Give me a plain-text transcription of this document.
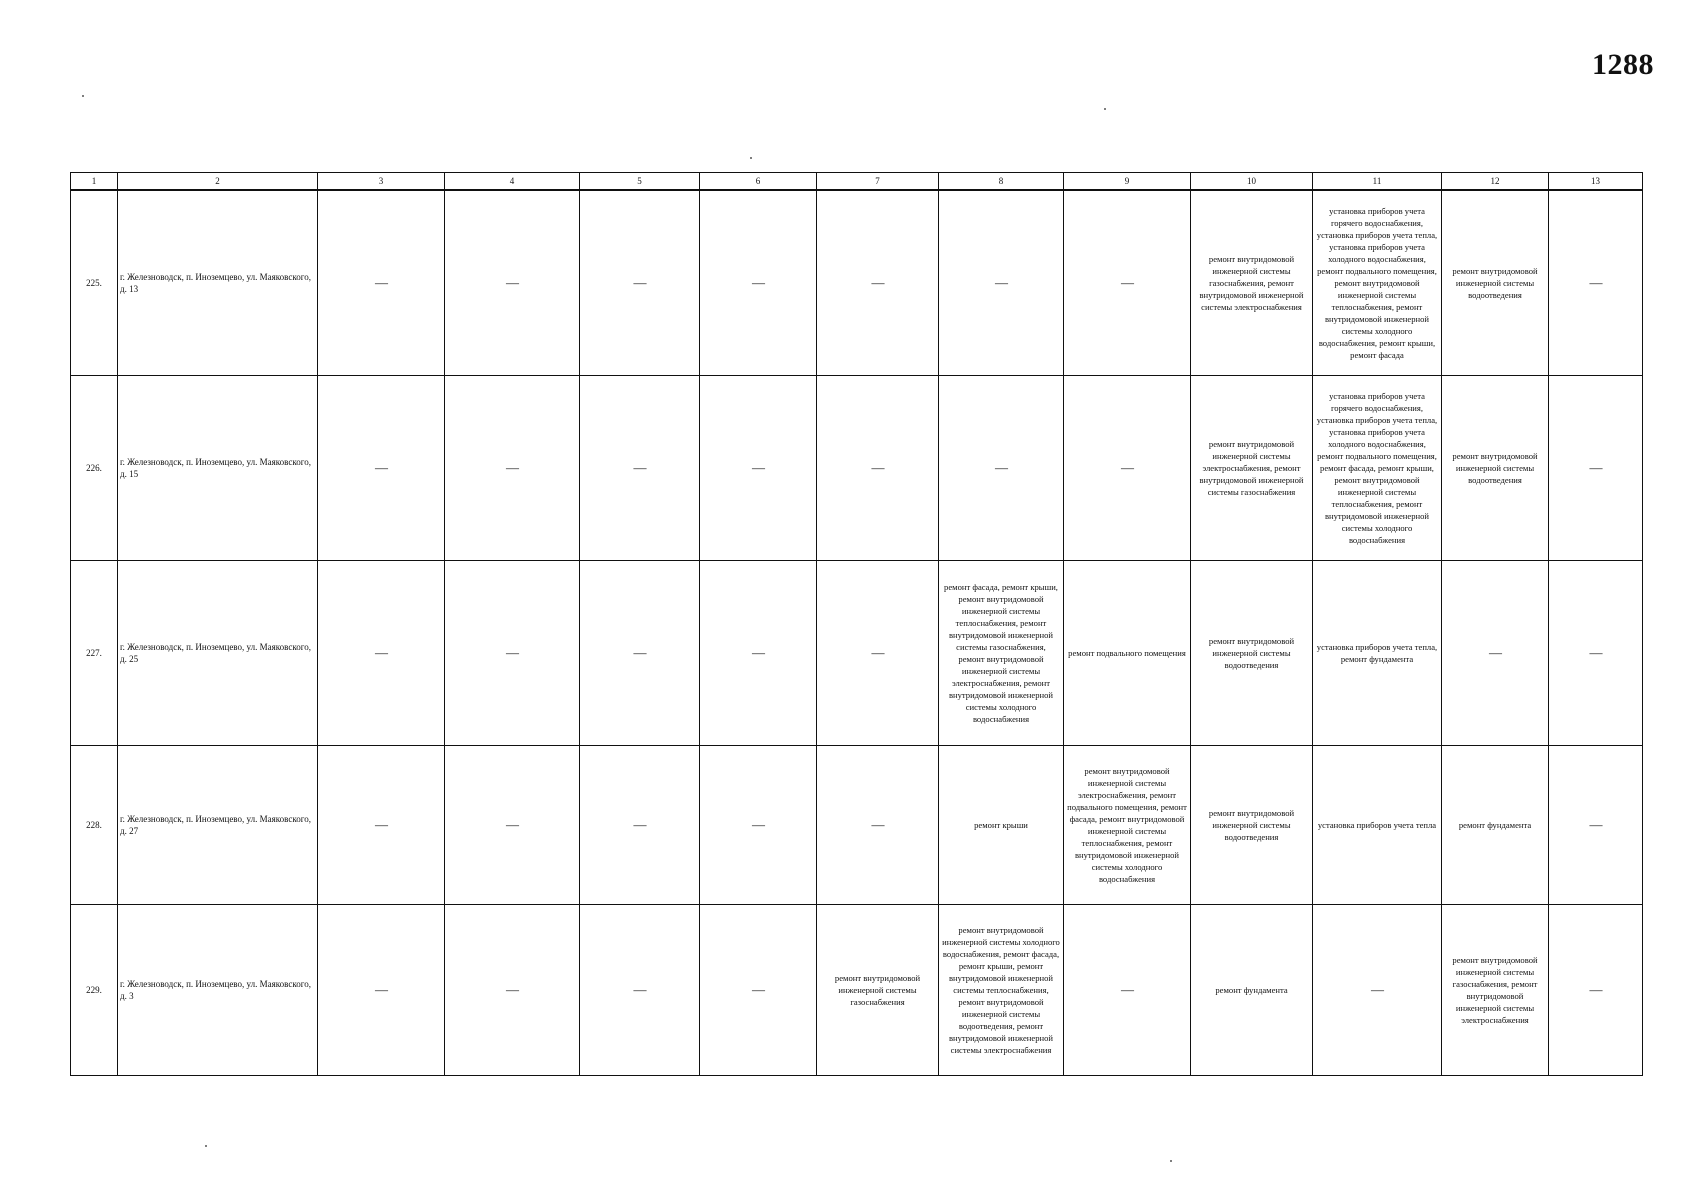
1288
1	2	3	4	5	6	7	8	9	10	11	12	13
225.	г. Железноводск, п. Иноземцево, ул. Маяковского, д. 13	—	—	—	—	—	—	—	ремонт внутридомовой инженерной системы газоснабжения, ремонт внутридомовой инженерной системы электроснабжения	установка приборов учета горячего водоснабжения, установка приборов учета тепла, установка приборов учета холодного водоснабжения, ремонт подвального помещения, ремонт внутридомовой инженерной системы теплоснабжения, ремонт внутридомовой инженерной системы холодного водоснабжения, ремонт крыши, ремонт фасада	ремонт внутридомовой инженерной системы водоотведения	—
226.	г. Железноводск, п. Иноземцево, ул. Маяковского, д. 15	—	—	—	—	—	—	—	ремонт внутридомовой инженерной системы электроснабжения, ремонт внутридомовой инженерной системы газоснабжения	установка приборов учета горячего водоснабжения, установка приборов учета тепла, установка приборов учета холодного водоснабжения, ремонт подвального помещения, ремонт фасада, ремонт крыши, ремонт внутридомовой инженерной системы теплоснабжения, ремонт внутридомовой инженерной системы холодного водоснабжения	ремонт внутридомовой инженерной системы водоотведения	—
227.	г. Железноводск, п. Иноземцево, ул. Маяковского, д. 25	—	—	—	—	—	ремонт фасада, ремонт крыши, ремонт внутридомовой инженерной системы теплоснабжения, ремонт внутридомовой инженерной системы газоснабжения, ремонт внутридомовой инженерной системы электроснабжения, ремонт внутридомовой инженерной системы холодного водоснабжения	ремонт подвального помещения	ремонт внутридомовой инженерной системы водоотведения	установка приборов учета тепла, ремонт фундамента	—	—
228.	г. Железноводск, п. Иноземцево, ул. Маяковского, д. 27	—	—	—	—	—	ремонт крыши	ремонт внутридомовой инженерной системы электроснабжения, ремонт подвального помещения, ремонт фасада, ремонт внутридомовой инженерной системы теплоснабжения, ремонт внутридомовой инженерной системы холодного водоснабжения	ремонт внутридомовой инженерной системы водоотведения	установка приборов учета тепла	ремонт фундамента	—
229.	г. Железноводск, п. Иноземцево, ул. Маяковского, д. 3	—	—	—	—	ремонт внутридомовой инженерной системы газоснабжения	ремонт внутридомовой инженерной системы холодного водоснабжения, ремонт фасада, ремонт крыши, ремонт внутридомовой инженерной системы теплоснабжения, ремонт внутридомовой инженерной системы водоотведения, ремонт внутридомовой инженерной системы электроснабжения	—	ремонт фундамента	—	ремонт внутридомовой инженерной системы газоснабжения, ремонт внутридомовой инженерной системы электроснабжения	—
